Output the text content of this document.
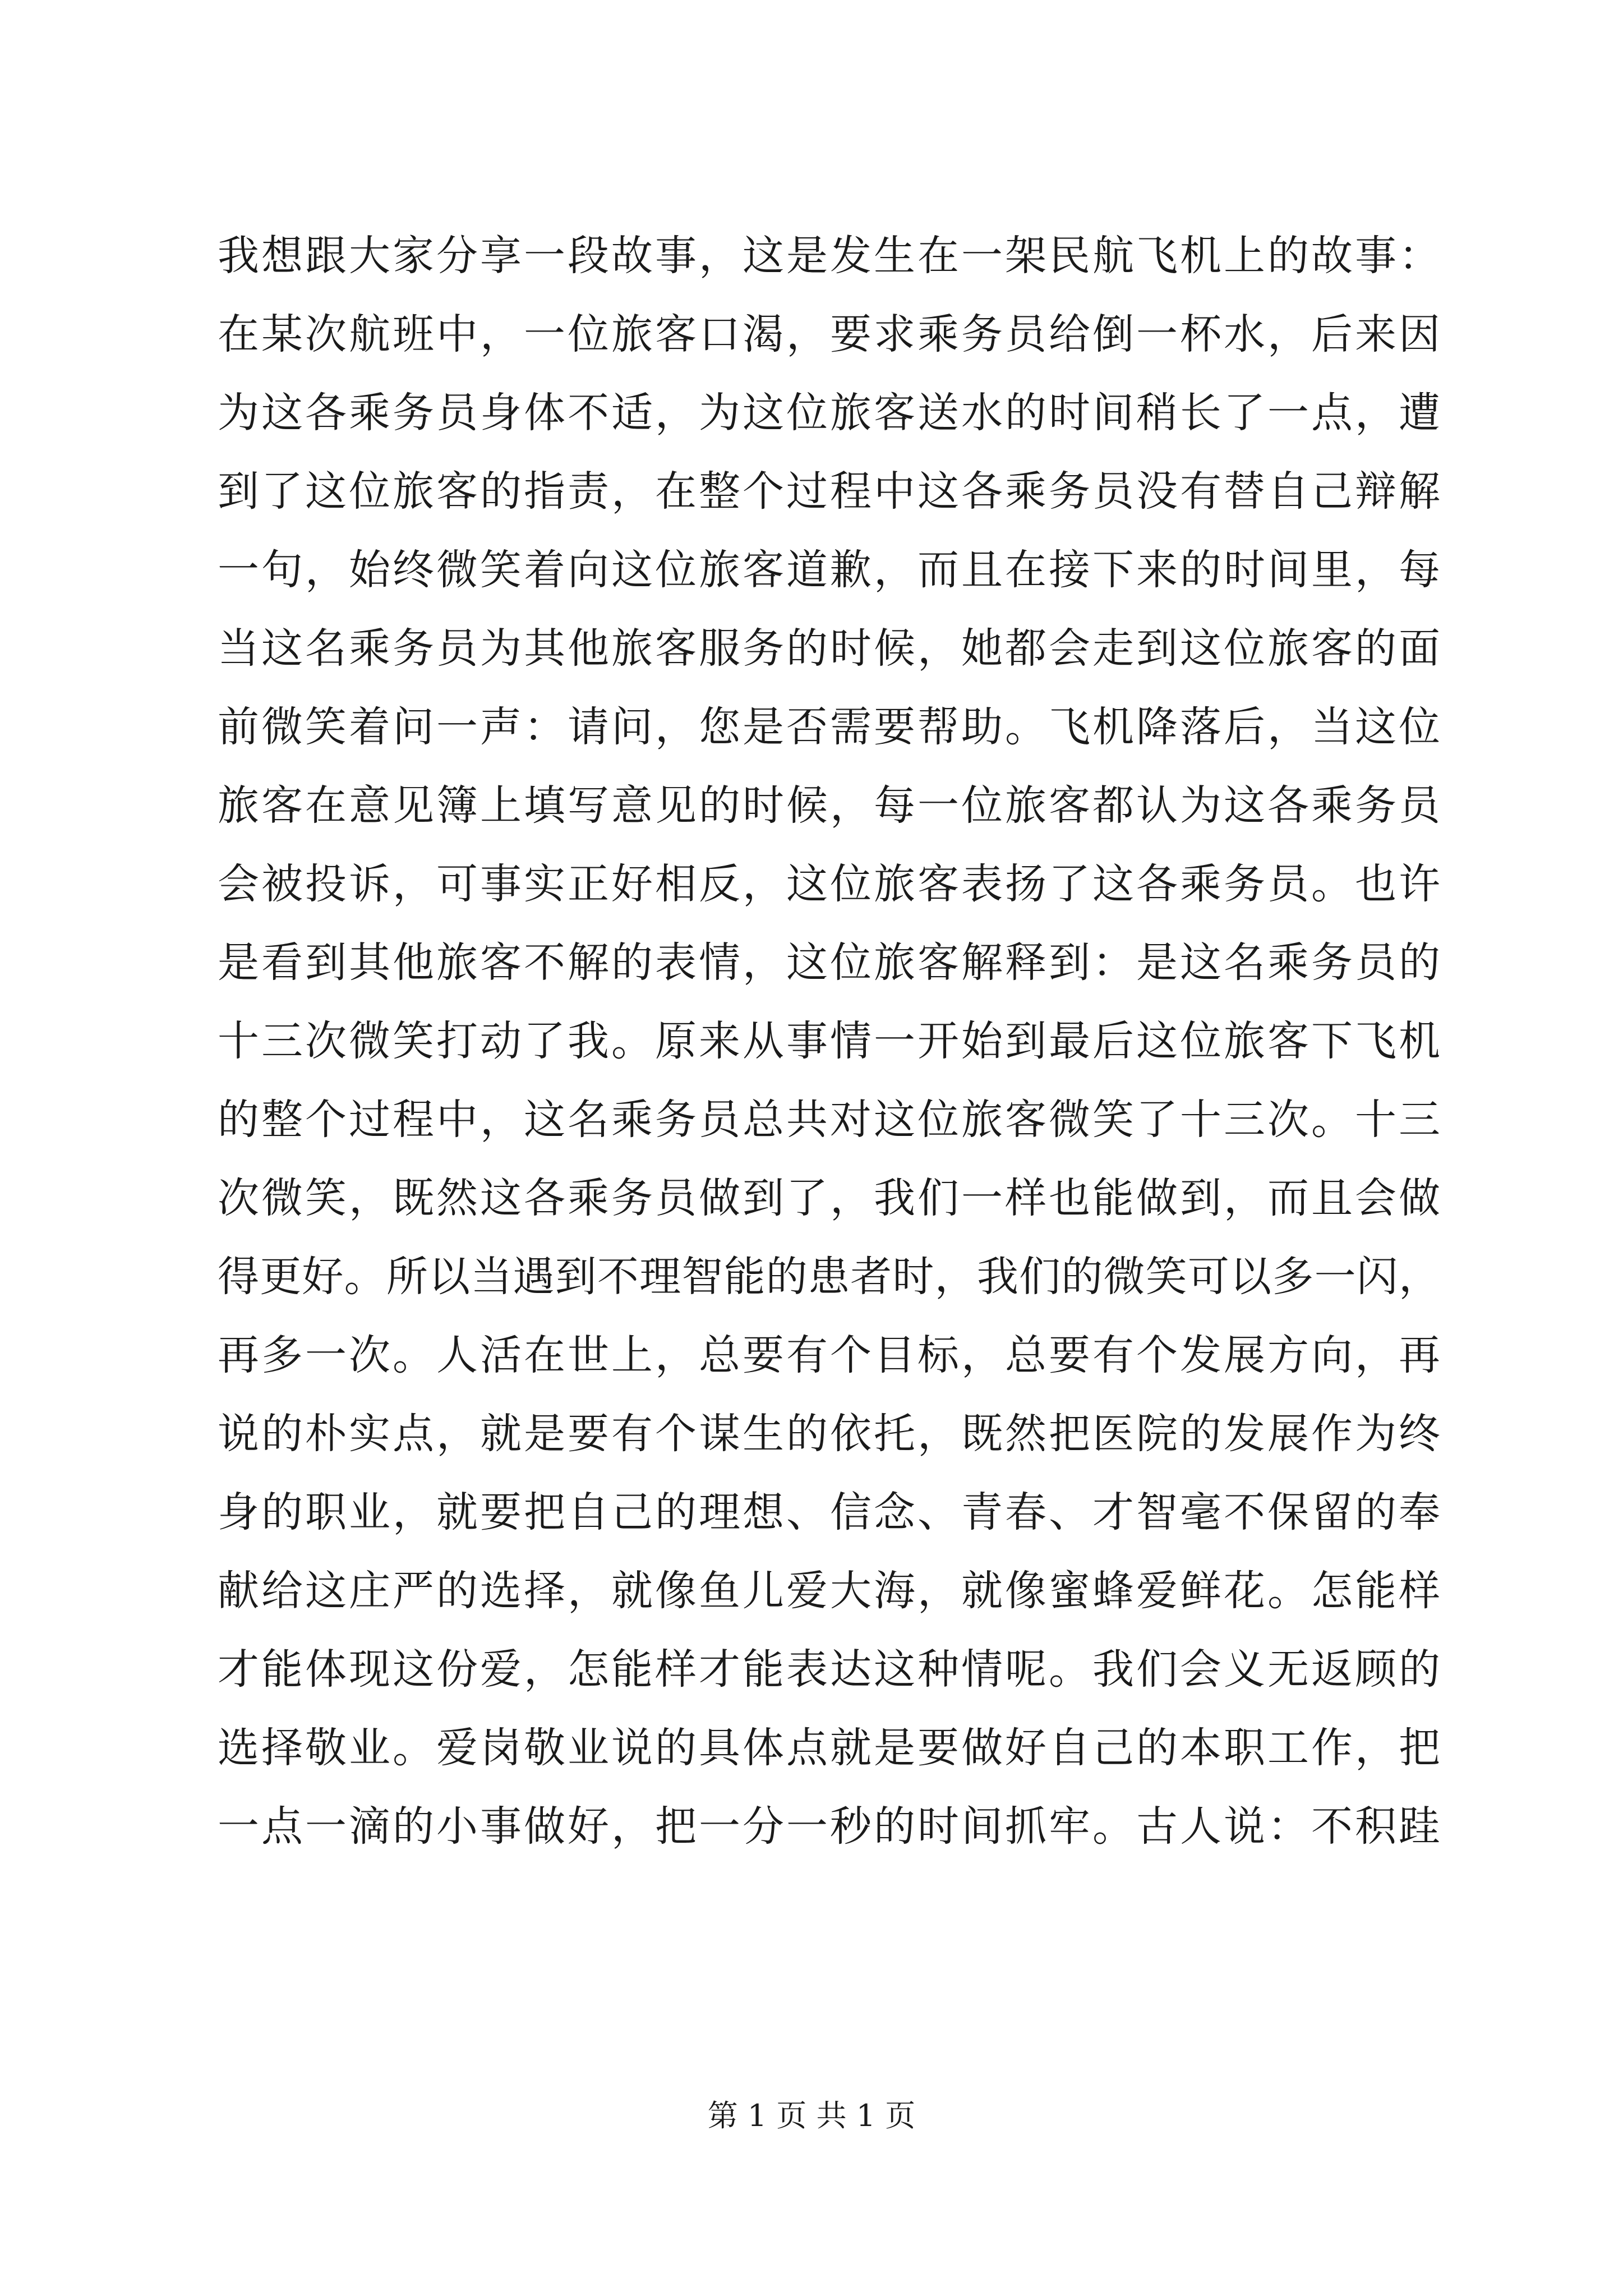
我想跟大家分享一段故事，这是发生在一架民航飞机上的故事：
在某次航班中，一位旅客口渴，要求乘务员给倒一杯水，后来因
为这各乘务员身体不适，为这位旅客送水的时间稍长了一点，遭
到了这位旅客的指责，在整个过程中这各乘务员没有替自己辩解
一句，始终微笑着向这位旅客道歉，而且在接下来的时间里，每
当这名乘务员为其他旅客服务的时候，她都会走到这位旅客的面
前微笑着问一声：请问，您是否需要帮助。飞机降落后，当这位
旅客在意见簿上填写意见的时候，每一位旅客都认为这各乘务员
会被投诉，可事实正好相反，这位旅客表扬了这各乘务员。也许
是看到其他旅客不解的表情，这位旅客解释到：是这名乘务员的
十三次微笑打动了我。原来从事情一开始到最后这位旅客下飞机
的整个过程中，这名乘务员总共对这位旅客微笑了十三次。十三
次微笑，既然这各乘务员做到了，我们一样也能做到，而且会做
得更好。所以当遇到不理智能的患者时，我们的微笑可以多一闪，
再多一次。人活在世上，总要有个目标，总要有个发展方向，再
说的朴实点，就是要有个谋生的依托，既然把医院的发展作为终
身的职业，就要把自己的理想、信念、青春、才智毫不保留的奉
献给这庄严的选择，就像鱼儿爱大海，就像蜜蜂爱鲜花。怎能样
才能体现这份爱，怎能样才能表达这种情呢。我们会义无返顾的
选择敬业。爱岗敬业说的具体点就是要做好自己的本职工作，把
一点一滴的小事做好，把一分一秒的时间抓牢。古人说：不积跬
第 1 页 共 1 页
